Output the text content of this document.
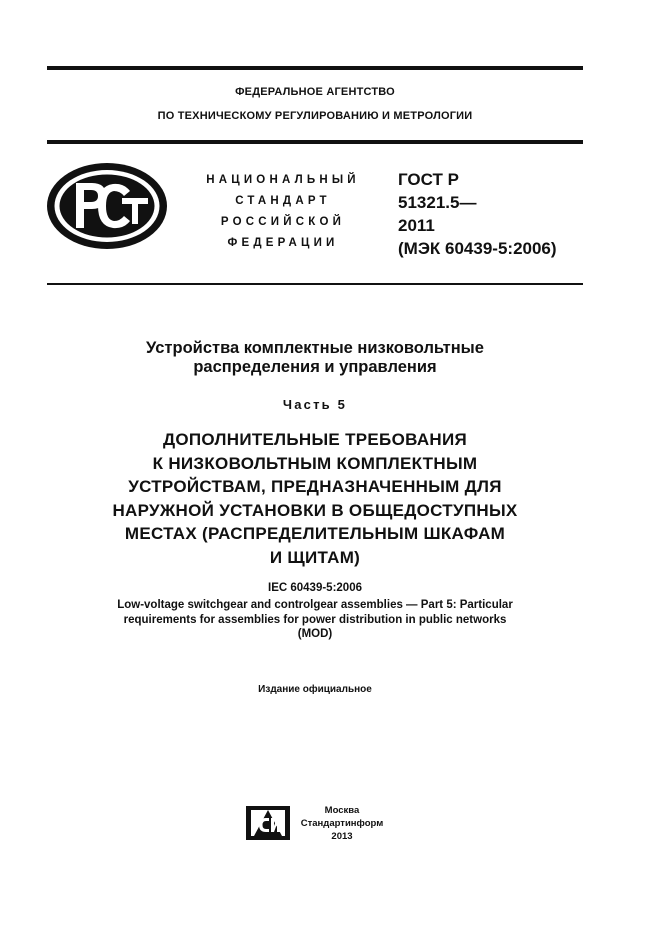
ФЕДЕРАЛЬНОЕ АГЕНТСТВО
ПО ТЕХНИЧЕСКОМУ РЕГУЛИРОВАНИЮ И МЕТРОЛОГИИ
НАЦИОНАЛЬНЫЙ
СТАНДАРТ
РОССИЙСКОЙ
ФЕДЕРАЦИИ
ГОСТ Р
51321.5—
2011
(МЭК 60439-5:2006)
Устройства комплектные низковольтные
распределения и управления
Часть 5
ДОПОЛНИТЕЛЬНЫЕ ТРЕБОВАНИЯ
К НИЗКОВОЛЬТНЫМ КОМПЛЕКТНЫМ
УСТРОЙСТВАМ, ПРЕДНАЗНАЧЕННЫМ ДЛЯ
НАРУЖНОЙ УСТАНОВКИ В ОБЩЕДОСТУПНЫХ
МЕСТАХ (РАСПРЕДЕЛИТЕЛЬНЫМ ШКАФАМ
И ЩИТАМ)
IEC 60439-5:2006
Low-voltage switchgear and controlgear assemblies — Part 5: Particular
requirements for assemblies for power distribution in public networks
(MOD)
Издание официальное
Москва
Стандартинформ
2013
